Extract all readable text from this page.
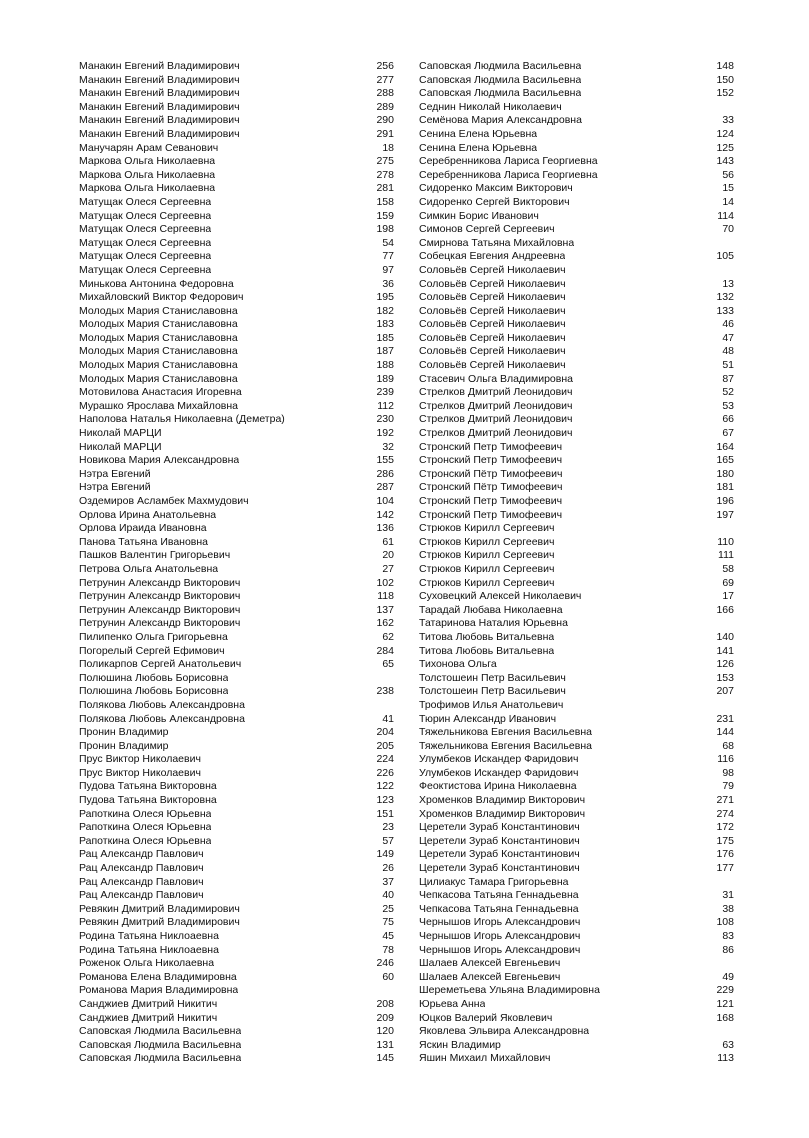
Манакин Евгений Владимирович	256
Манакин Евгений Владимирович	277
Манакин Евгений Владимирович	288
Манакин Евгений Владимирович	289
Манакин Евгений Владимирович	290
Манакин Евгений Владимирович	291
Манучарян Арам Севанович	18
Маркова Ольга Николаевна	275
Маркова Ольга Николаевна	278
Маркова Ольга Николаевна	281
Матущак Олеся Сергеевна	158
Матущак Олеся Сергеевна	159
Матущак Олеся Сергеевна	198
Матущак Олеся Сергеевна	54
Матущак Олеся Сергеевна	77
Матущак Олеся Сергеевна	97
Минькова Антонина Федоровна	36
Михайловский Виктор Федорович	195
Молодых Мария Станиславовна	182
Молодых Мария Станиславовна	183
Молодых Мария Станиславовна	185
Молодых Мария Станиславовна	187
Молодых Мария Станиславовна	188
Молодых Мария Станиславовна	189
Мотовилова Анастасия Игоревна	239
Мурашко Ярослава Михайловна	112
Наполова Наталья Николаевна (Деметра)	230
Николай МАРЦИ	192
Николай МАРЦИ	32
Новикова Мария Александровна	155
Нэтра Евгений	286
Нэтра Евгений	287
Оздемиров Асламбек Махмудович	104
Орлова Ирина Анатольевна	142
Орлова Ираида Ивановна	136
Панова Татьяна Ивановна	61
Пашков Валентин Григорьевич	20
Петрова Ольга Анатольевна	27
Петрунин Александр Викторович	102
Петрунин Александр Викторович	118
Петрунин Александр Викторович	137
Петрунин Александр Викторович	162
Пилипенко Ольга Григорьевна	62
Погорелый Сергей Ефимович	284
Поликарпов Сергей Анатольевич	65
Полюшина Любовь Борисовна
Полюшина Любовь Борисовна	238
Полякова Любовь Александровна
Полякова Любовь Александровна	41
Пронин Владимир	204
Пронин Владимир	205
Прус Виктор Николаевич	224
Прус Виктор Николаевич	226
Пудова Татьяна Викторовна	122
Пудова Татьяна Викторовна	123
Рапоткина Олеся Юрьевна	151
Рапоткина Олеся Юрьевна	23
Рапоткина Олеся Юрьевна	57
Рац Александр Павлович	149
Рац Александр Павлович	26
Рац Александр Павлович	37
Рац Александр Павлович	40
Ревякин Дмитрий Владимирович	25
Ревякин Дмитрий Владимирович	75
Родина Татьяна Никлоаевна	45
Родина Татьяна Никлоаевна	78
Роженок Ольга Николаевна	246
Романова Елена Владимировна	60
Романова Мария Владимировна
Санджиев Дмитрий Никитич	208
Санджиев Дмитрий Никитич	209
Саповская Людмила Васильевна	120
Саповская Людмила Васильевна	131
Саповская Людмила Васильевна	145
Саповская Людмила Васильевна	148
Саповская Людмила Васильевна	150
Саповская Людмила Васильевна	152
Седнин Николай Николаевич
Семёнова Мария Александровна	33
Сенина Елена Юрьевна	124
Сенина Елена Юрьевна	125
Серебренникова Лариса Георгиевна	143
Серебренникова Лариса Георгиевна	56
Сидоренко Максим Викторович	15
Сидоренко Сергей Викторович	14
Симкин Борис Иванович	114
Симонов Сергей Сергеевич	70
Смирнова Татьяна Михайловна
Собецкая Евгения Андреевна	105
Соловьёв Сергей Николаевич
Соловьёв Сергей Николаевич	13
Соловьёв Сергей Николаевич	132
Соловьёв Сергей Николаевич	133
Соловьёв Сергей Николаевич	46
Соловьёв Сергей Николаевич	47
Соловьёв Сергей Николаевич	48
Соловьёв Сергей Николаевич	51
Стасевич Ольга Владимировна	87
Стрелков Дмитрий Леонидович	52
Стрелков Дмитрий Леонидович	53
Стрелков Дмитрий Леонидович	66
Стрелков Дмитрий Леонидович	67
Стронский Петр Тимофеевич	164
Стронский Петр Тимофеевич	165
Стронский Пётр Тимофеевич	180
Стронский Пётр Тимофеевич	181
Стронский Петр Тимофеевич	196
Стронский Петр Тимофеевич	197
Стрюков Кирилл Сергеевич
Стрюков Кирилл Сергеевич	110
Стрюков Кирилл Сергеевич	111
Стрюков Кирилл Сергеевич	58
Стрюков Кирилл Сергеевич	69
Суховецкий Алексей Николаевич	17
Тарадай Любава Николаевна	166
Татаринова Наталия Юрьевна
Титова Любовь Витальевна	140
Титова Любовь Витальевна	141
Тихонова Ольга	126
Толстошеин Петр Васильевич	153
Толстошеин Петр Васильевич	207
Трофимов Илья Анатольевич
Тюрин Александр Иванович	231
Тяжельникова Евгения Васильевна	144
Тяжельникова Евгения Васильевна	68
Улумбеков Искандер Фаридович	116
Улумбеков Искандер Фаридович	98
Феоктистова Ирина Николаевна	79
Хроменков Владимир Викторович	271
Хроменков Владимир Викторович	274
Церетели Зураб Константинович	172
Церетели Зураб Константинович	175
Церетели Зураб Константинович	176
Церетели Зураб Константинович	177
Цилиакус Тамара Григорьевна
Чепкасова Татьяна Геннадьевна	31
Чепкасова Татьяна Геннадьевна	38
Чернышов Игорь Александрович	108
Чернышов Игорь Александрович	83
Чернышов Игорь Александрович	86
Шалаев Алексей Евгеньевич
Шалаев Алексей Евгеньевич	49
Шереметьева Ульяна Владимировна	229
Юрьева Анна	121
Юцков Валерий Яковлевич	168
Яковлева Эльвира Александровна
Яскин Владимир	63
Яшин Михаил Михайлович	113
